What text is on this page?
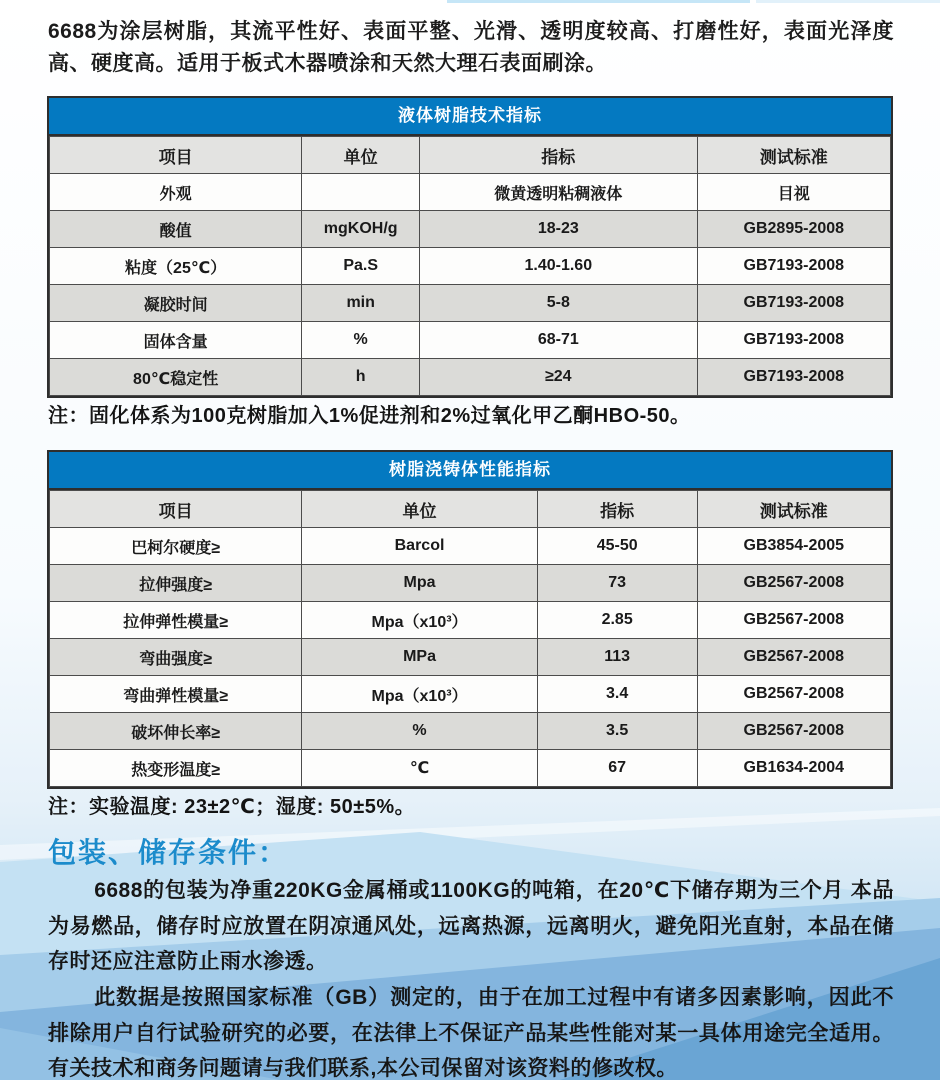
6688为涂层树脂，其流平性好、表面平整、光滑、透明度较高、打磨性好，表面光泽度高、硬度高。适用于板式木器喷涂和天然大理石表面刷涂。
液体树脂技术指标
项目	单位	指标	测试标准
外观		微黄透明粘稠液体	目视
酸值	mgKOH/g	18-23	GB2895-2008
粘度（25℃）	Pa.S	1.40-1.60	GB7193-2008
凝胶时间	min	5-8	GB7193-2008
固体含量	%	68-71	GB7193-2008
80℃稳定性	h	≥24	GB7193-2008
注：固化体系为100克树脂加入1%促进剂和2%过氧化甲乙酮HBO-50。
树脂浇铸体性能指标
项目	单位	指标	测试标准
巴柯尔硬度≥	Barcol	45-50	GB3854-2005
拉伸强度≥	Mpa	73	GB2567-2008
拉伸弹性模量≥	Mpa（x10³）	2.85	GB2567-2008
弯曲强度≥	MPa	113	GB2567-2008
弯曲弹性模量≥	Mpa（x10³）	3.4	GB2567-2008
破坏伸长率≥	%	3.5	GB2567-2008
热变形温度≥	℃	67	GB1634-2004
注：实验温度: 23±2℃；湿度: 50±5%。
包装、储存条件：
6688的包装为净重220KG金属桶或1100KG的吨箱，在20℃下储存期为三个月 本品为易燃品，储存时应放置在阴凉通风处，远离热源，远离明火，避免阳光直射，本品在储存时还应注意防止雨水渗透。
此数据是按照国家标准（GB）测定的，由于在加工过程中有诸多因素影响，因此不排除用户自行试验研究的必要，在法律上不保证产品某些性能对某一具体用途完全适用。有关技术和商务问题请与我们联系,本公司保留对该资料的修改权。
